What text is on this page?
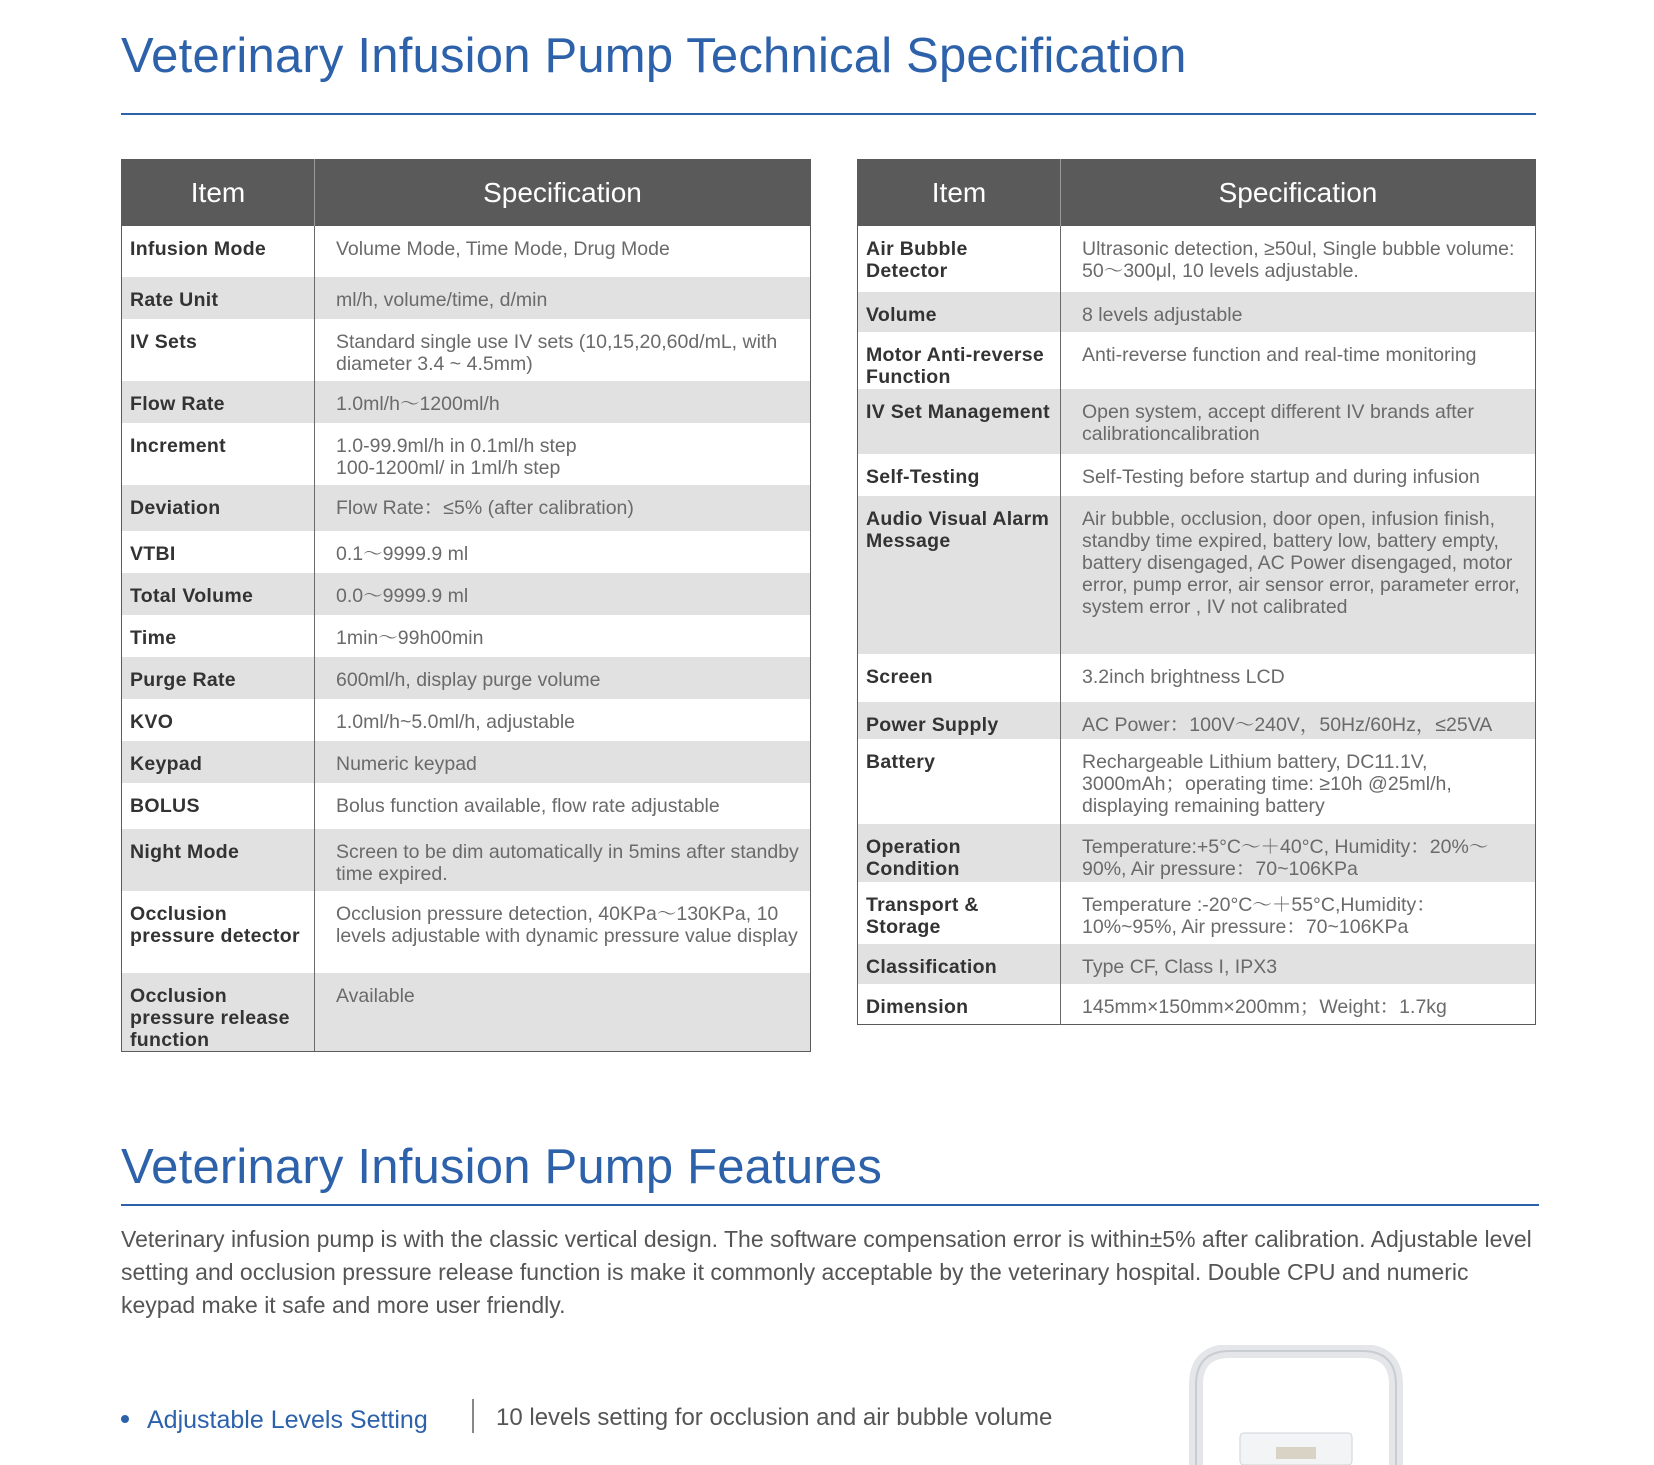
Veterinary Infusion Pump Technical Specification
Item	Specification
Infusion Mode	Volume Mode, Time Mode, Drug Mode
Rate Unit	ml/h, volume/time, d/min
IV Sets	Standard single use IV sets (10,15,20,60d/mL, with diameter 3.4 ~ 4.5mm)
Flow Rate	1.0ml/h～1200ml/h
Increment	1.0-99.9ml/h in 0.1ml/h step
100-1200ml/ in 1ml/h step
Deviation	Flow Rate：≤5% (after calibration)
VTBI	0.1～9999.9 ml
Total Volume	0.0～9999.9 ml
Time	1min～99h00min
Purge Rate	600ml/h, display purge volume
KVO	1.0ml/h~5.0ml/h, adjustable
Keypad	Numeric keypad
BOLUS	Bolus function available, flow rate adjustable
Night Mode	Screen to be dim automatically in 5mins after standby time expired.
Occlusion pressure detector	Occlusion pressure detection, 40KPa～130KPa, 10 levels adjustable with dynamic pressure value display
Occlusion pressure release function	Available
Item	Specification
Air Bubble Detector	Ultrasonic detection, ≥50ul, Single bubble volume: 50～300μl, 10 levels adjustable.
Volume	8 levels adjustable
Motor Anti-reverse Function	Anti-reverse function and real-time monitoring
IV Set Management	Open system, accept different IV brands after calibrationcalibration
Self-Testing	Self-Testing before startup and during infusion
Audio Visual Alarm Message	Air bubble, occlusion, door open, infusion finish, standby time expired, battery low, battery empty, battery disengaged, AC Power disengaged, motor error, pump error, air sensor error, parameter error, system error , IV not calibrated
Screen	3.2inch brightness LCD
Power Supply	AC Power：100V～240V，50Hz/60Hz，≤25VA
Battery	Rechargeable Lithium battery, DC11.1V, 3000mAh；operating time: ≥10h @25ml/h, displaying remaining battery
Operation Condition	Temperature:+5°C～＋40°C, Humidity：20%～90%, Air pressure：70~106KPa
Transport & Storage	Temperature :-20°C～＋55°C,Humidity：10%~95%, Air pressure：70~106KPa
Classification	Type CF, Class I, IPX3
Dimension	145mm×150mm×200mm；Weight：1.7kg
Veterinary Infusion Pump Features

Veterinary infusion pump is with the classic vertical design. The software compensation error is within±5% after calibration. Adjustable level setting and occlusion pressure release function is make it commonly acceptable by the veterinary hospital. Double CPU and numeric keypad make it safe and more user friendly.

Adjustable Levels Setting	10 levels setting for occlusion and air bubble volume
